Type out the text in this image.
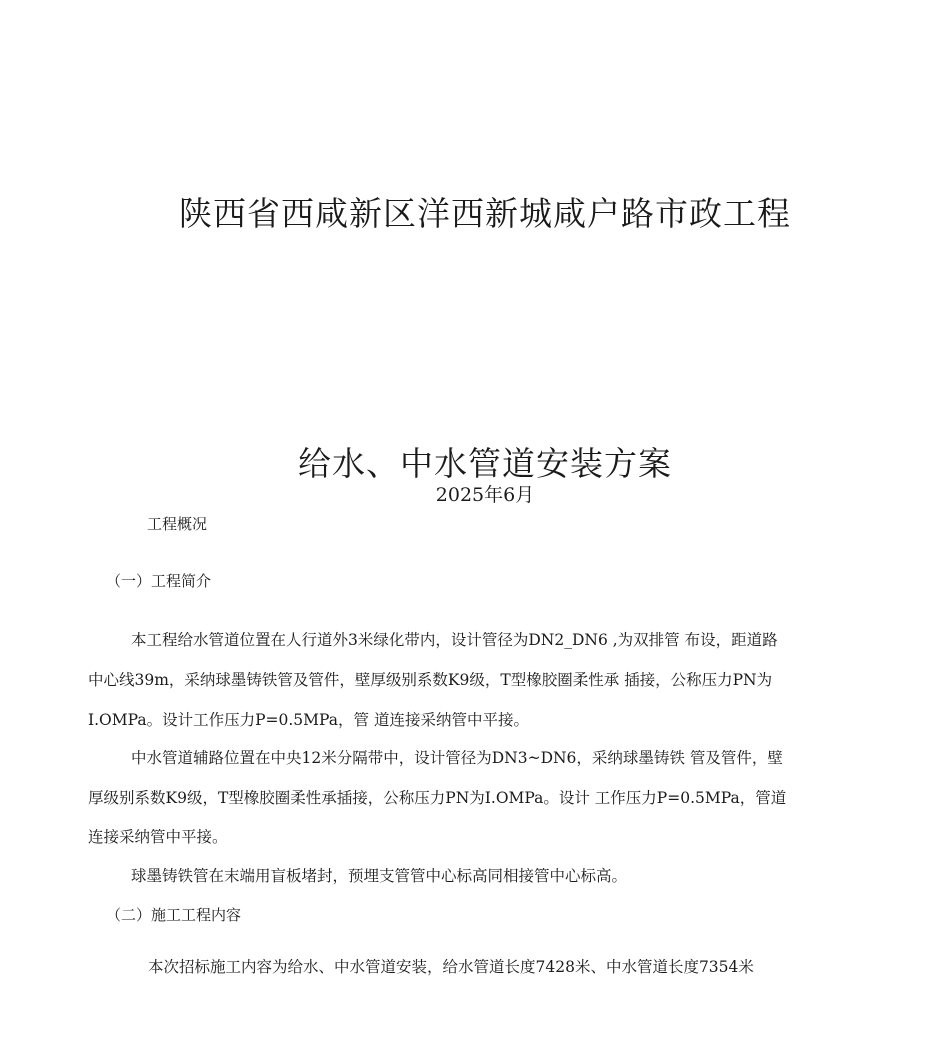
陕西省西咸新区洋西新城咸户路市政工程
给水、中水管道安装方案
2025年6月
工程概况
（一）工程简介
本工程给水管道位置在人行道外3米绿化带内，设计管径为DN2_DN6 ,为双排管 布设，距道路
中心线39m，采纳球墨铸铁管及管件，壁厚级别系数K9级，T型橡胶圈柔性承 插接，公称压力PN为
I.OMPa。设计工作压力P=0.5MPa，管 道连接采纳管中平接。
中水管道辅路位置在中央12米分隔带中，设计管径为DN3~DN6，采纳球墨铸铁 管及管件，壁
厚级别系数K9级，T型橡胶圈柔性承插接，公称压力PN为I.OMPa。设计 工作压力P=0.5MPa，管道
连接采纳管中平接。
球墨铸铁管在末端用盲板堵封，预埋支管管中心标高同相接管中心标高。
（二）施工工程内容
本次招标施工内容为给水、中水管道安装，给水管道长度7428米、中水管道长度7354米
